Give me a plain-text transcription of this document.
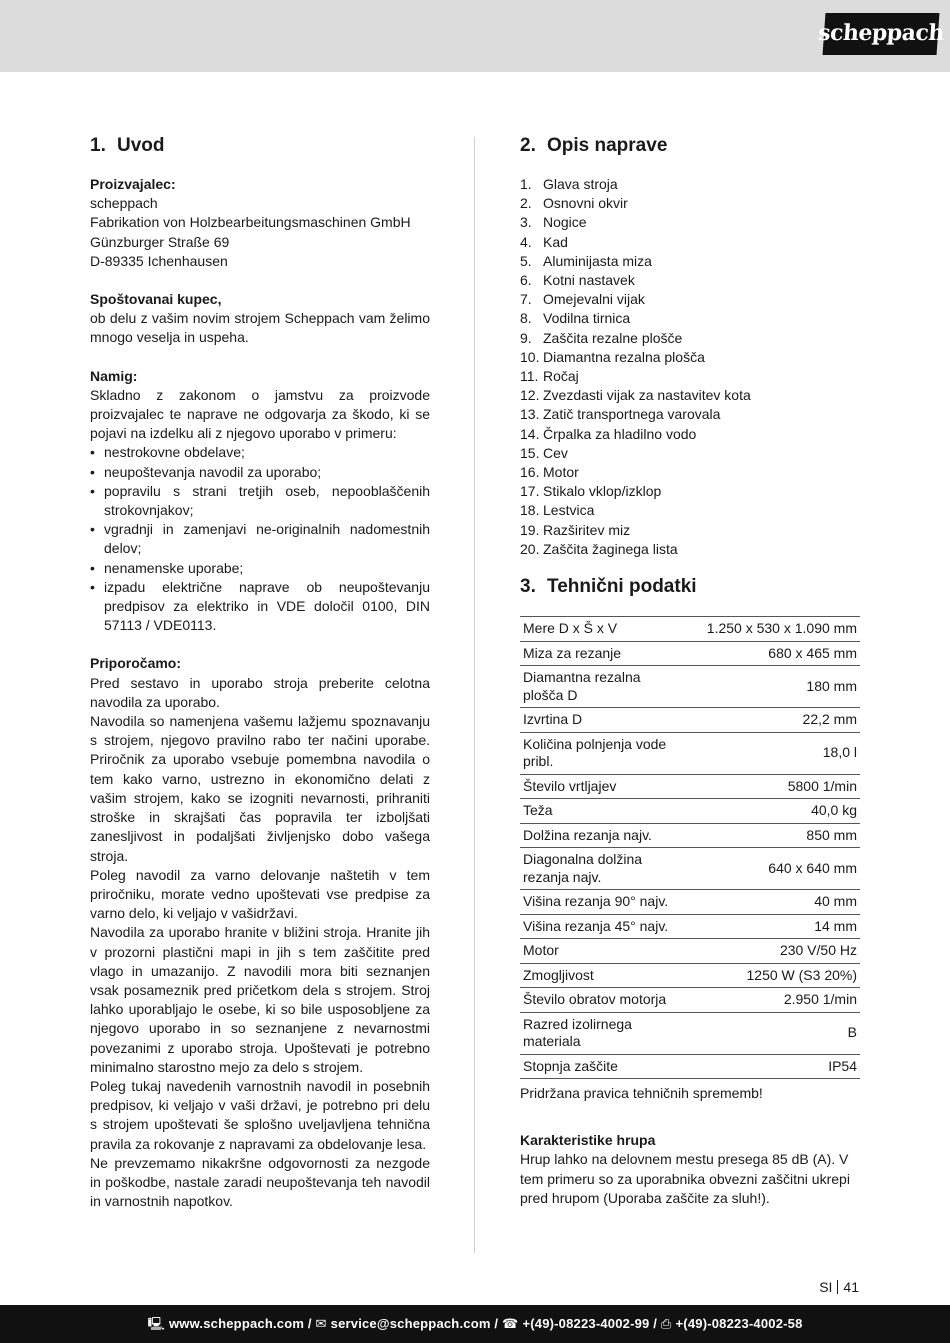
scheppach
1. Uvod
Proizvajalec:
scheppach
Fabrikation von Holzbearbeitungsmaschinen GmbH
Günzburger Straße 69
D-89335 Ichenhausen
Spoštovanai kupec,

ob delu z vašim novim strojem Scheppach vam želimo mnogo veselja in uspeha.

Namig:

Skladno z zakonom o jamstvu za proizvode proizvajalec te naprave ne odgovarja za škodo, ki se pojavi na izdelku ali z njegovo uporabo v primeru:

• nestrokovne obdelave;
• neupoštevanja navodil za uporabo;
• popravilu s strani tretjih oseb, nepooblaščenih strokovnjakov;
• vgradnji in zamenjavi ne-originalnih nadomestnih delov;
• nenamenske uporabe;
• izpadu električne naprave ob neupoštevanju predpisov za elektriko in VDE določil 0100, DIN 57113 / VDE0113.
Priporočamo:

Pred sestavo in uporabo stroja preberite celotna navodila za uporabo.

Navodila so namenjena vašemu lažjemu spoznavanju s strojem, njegovo pravilno rabo ter načini uporabe. Priročnik za uporabo vsebuje pomembna navodila o tem kako varno, ustrezno in ekonomično delati z vašim strojem, kako se izogniti nevarnosti, prihraniti stroške in skrajšati čas popravila ter izboljšati zanesljivost in podaljšati življenjsko dobo vašega stroja.

Poleg navodil za varno delovanje naštetih v tem priročniku, morate vedno upoštevati vse predpise za varno delo, ki veljajo v vašidržavi.

Navodila za uporabo hranite v bližini stroja. Hranite jih v prozorni plastični mapi in jih s tem zaščitite pred vlago in umazanijo. Z navodili mora biti seznanjen vsak posameznik pred pričetkom dela s strojem. Stroj lahko uporabljajo le osebe, ki so bile usposobljene za njegovo uporabo in so seznanjene z nevarnostmi povezanimi z uporabo stroja. Upoštevati je potrebno minimalno starostno mejo za delo s strojem.

Poleg tukaj navedenih varnostnih navodil in posebnih predpisov, ki veljajo v vaši državi, je potrebno pri delu s strojem upoštevati še splošno uveljavljena tehnična pravila za rokovanje z napravami za obdelovanje lesa.

Ne prevzemamo nikakršne odgovornosti za nezgode in poškodbe, nastale zaradi neupoštevanja teh navodil in varnostnih napotkov.

2. Opis naprave
1. Glava stroja
2. Osnovni okvir
3. Nogice
4. Kad
5. Aluminijasta miza
6. Kotni nastavek
7. Omejevalni vijak
8. Vodilna tirnica
9. Zaščita rezalne plošče
10. Diamantna rezalna plošča
11. Ročaj
12. Zvezdasti vijak za nastavitev kota
13. Zatič transportnega varovala
14. Črpalka za hladilno vodo
15. Cev
16. Motor
17. Stikalo vklop/izklop
18. Lestvica
19. Razširitev miz
20. Zaščita žaginega lista
3. Tehnični podatki
Mere D x Š x V	1.250 x 530 x 1.090 mm
Miza za rezanje	680 x 465 mm
Diamantna rezalna plošča D	180 mm
Izvrtina D	22,2 mm
Količina polnjenja vode pribl.	18,0 l
Število vrtljajev	5800 1/min
Teža	40,0 kg
Dolžina rezanja najv.	850 mm
Diagonalna dolžina rezanja najv.	640 x 640 mm
Višina rezanja 90° najv.	40 mm
Višina rezanja 45° najv.	14 mm
Motor	230 V/50 Hz
Zmogljivost	1250 W (S3 20%)
Število obratov motorja	2.950 1/min
Razred izolirnega materiala	B
Stopnja zaščite	IP54

Pridržana pravica tehničnih sprememb!

Karakteristike hrupa

Hrup lahko na delovnem mestu presega 85 dB (A). V tem primeru so za uporabnika obvezni zaščitni ukrepi pred hrupom (Uporaba zaščite za sluh!).

SI 41
🖳 www.scheppach.com / ✉ service@scheppach.com / ☎ +(49)-08223-4002-99 / ⎙ +(49)-08223-4002-58
